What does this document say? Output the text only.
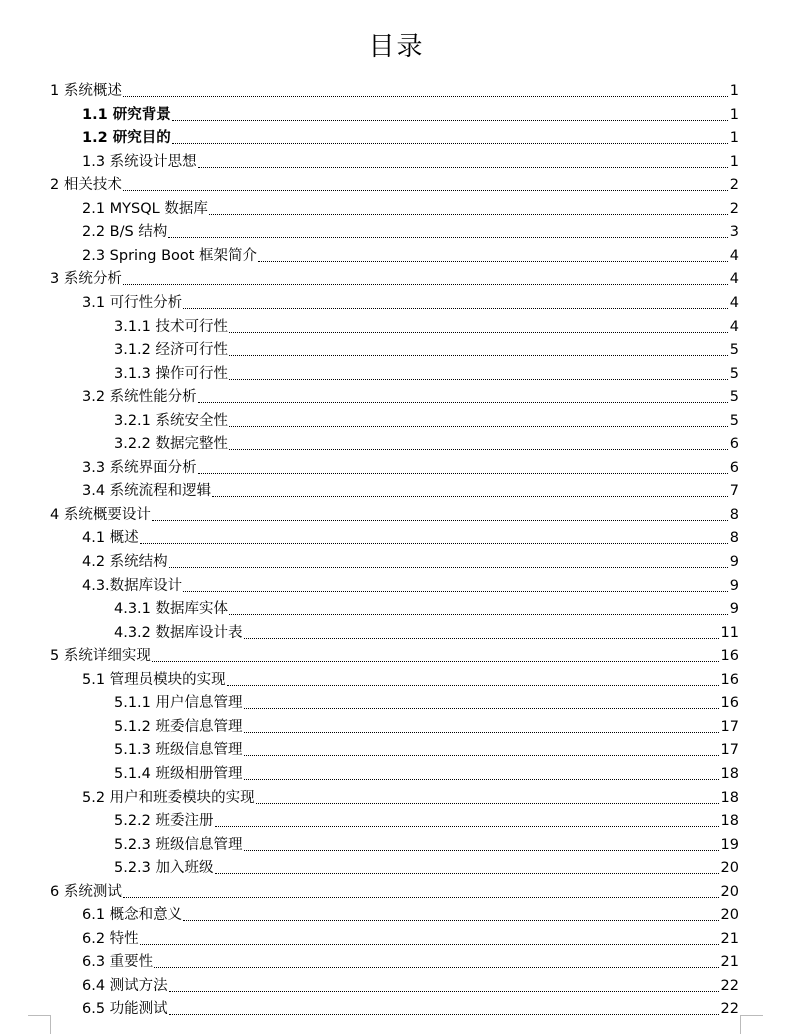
目录
1 系统概述	1
1.1 研究背景	1
1.2 研究目的	1
1.3 系统设计思想	1
2 相关技术	2
2.1 MYSQL 数据库	2
2.2 B/S 结构	3
2.3 Spring Boot 框架简介	4
3 系统分析	4
3.1 可行性分析	4
3.1.1 技术可行性	4
3.1.2 经济可行性	5
3.1.3 操作可行性	5
3.2 系统性能分析	5
3.2.1 系统安全性	5
3.2.2 数据完整性	6
3.3 系统界面分析	6
3.4 系统流程和逻辑	7
4 系统概要设计	8
4.1 概述	8
4.2 系统结构	9
4.3.数据库设计	9
4.3.1 数据库实体	9
4.3.2 数据库设计表	11
5 系统详细实现	16
5.1 管理员模块的实现	16
5.1.1 用户信息管理	16
5.1.2 班委信息管理	17
5.1.3 班级信息管理	17
5.1.4 班级相册管理	18
5.2 用户和班委模块的实现	18
5.2.2 班委注册	18
5.2.3 班级信息管理	19
5.2.3 加入班级	20
6 系统测试	20
6.1 概念和意义	20
6.2 特性	21
6.3 重要性	21
6.4 测试方法	22
6.5 功能测试	22
